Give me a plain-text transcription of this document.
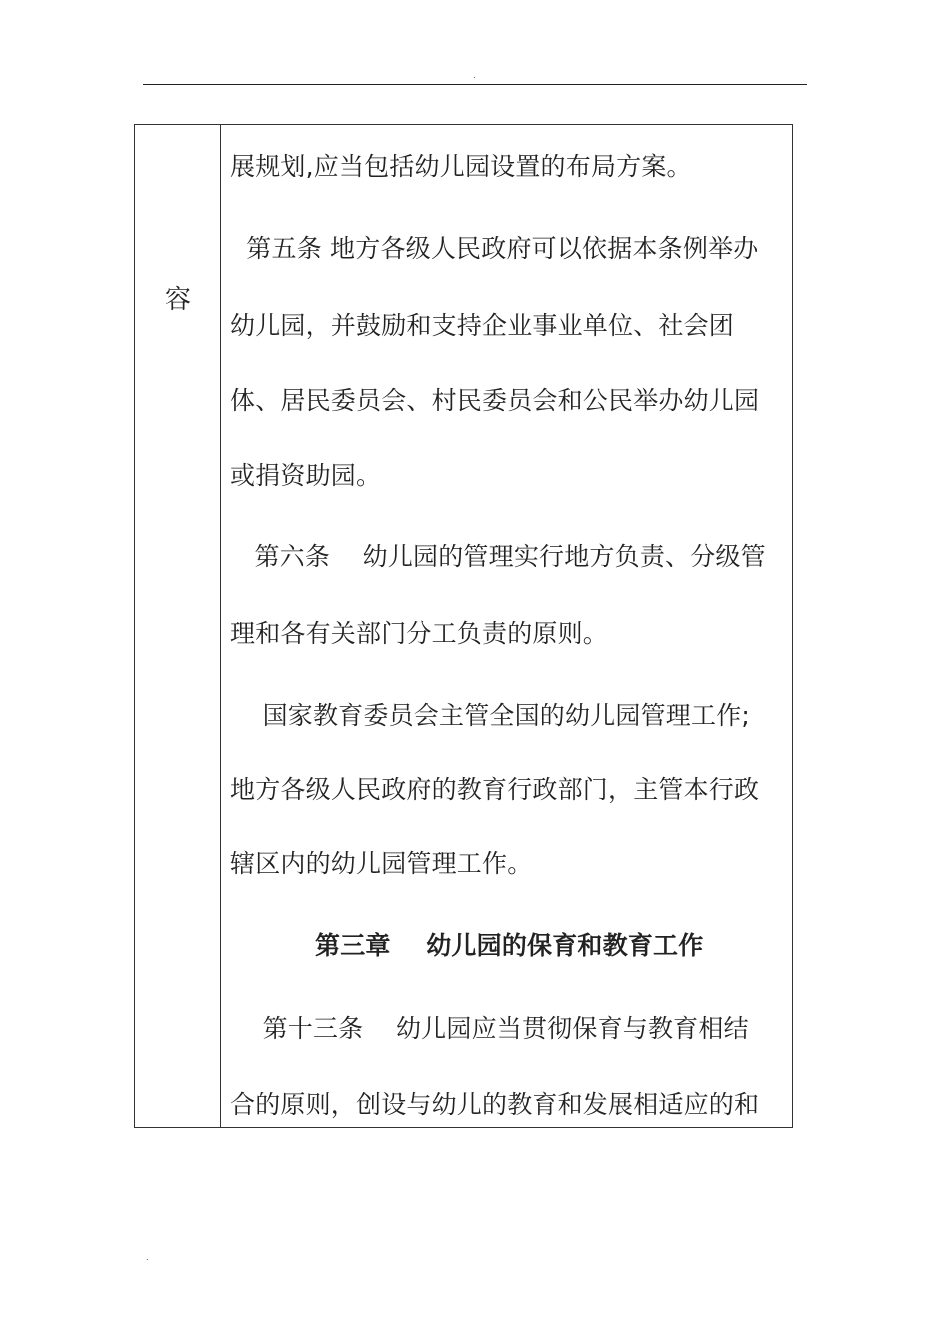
.
容
展规划,应当包括幼儿园设置的布局方案。
第五条 地方各级人民政府可以依据本条例举办
幼儿园，并鼓励和支持企业事业单位、社会团
体、居民委员会、村民委员会和公民举办幼儿园
或捐资助园。
第六条    幼儿园的管理实行地方负责、分级管
理和各有关部门分工负责的原则。
国家教育委员会主管全国的幼儿园管理工作;
地方各级人民政府的教育行政部门，主管本行政
辖区内的幼儿园管理工作。
第三章    幼儿园的保育和教育工作
第十三条    幼儿园应当贯彻保育与教育相结
合的原则，创设与幼儿的教育和发展相适应的和
.
